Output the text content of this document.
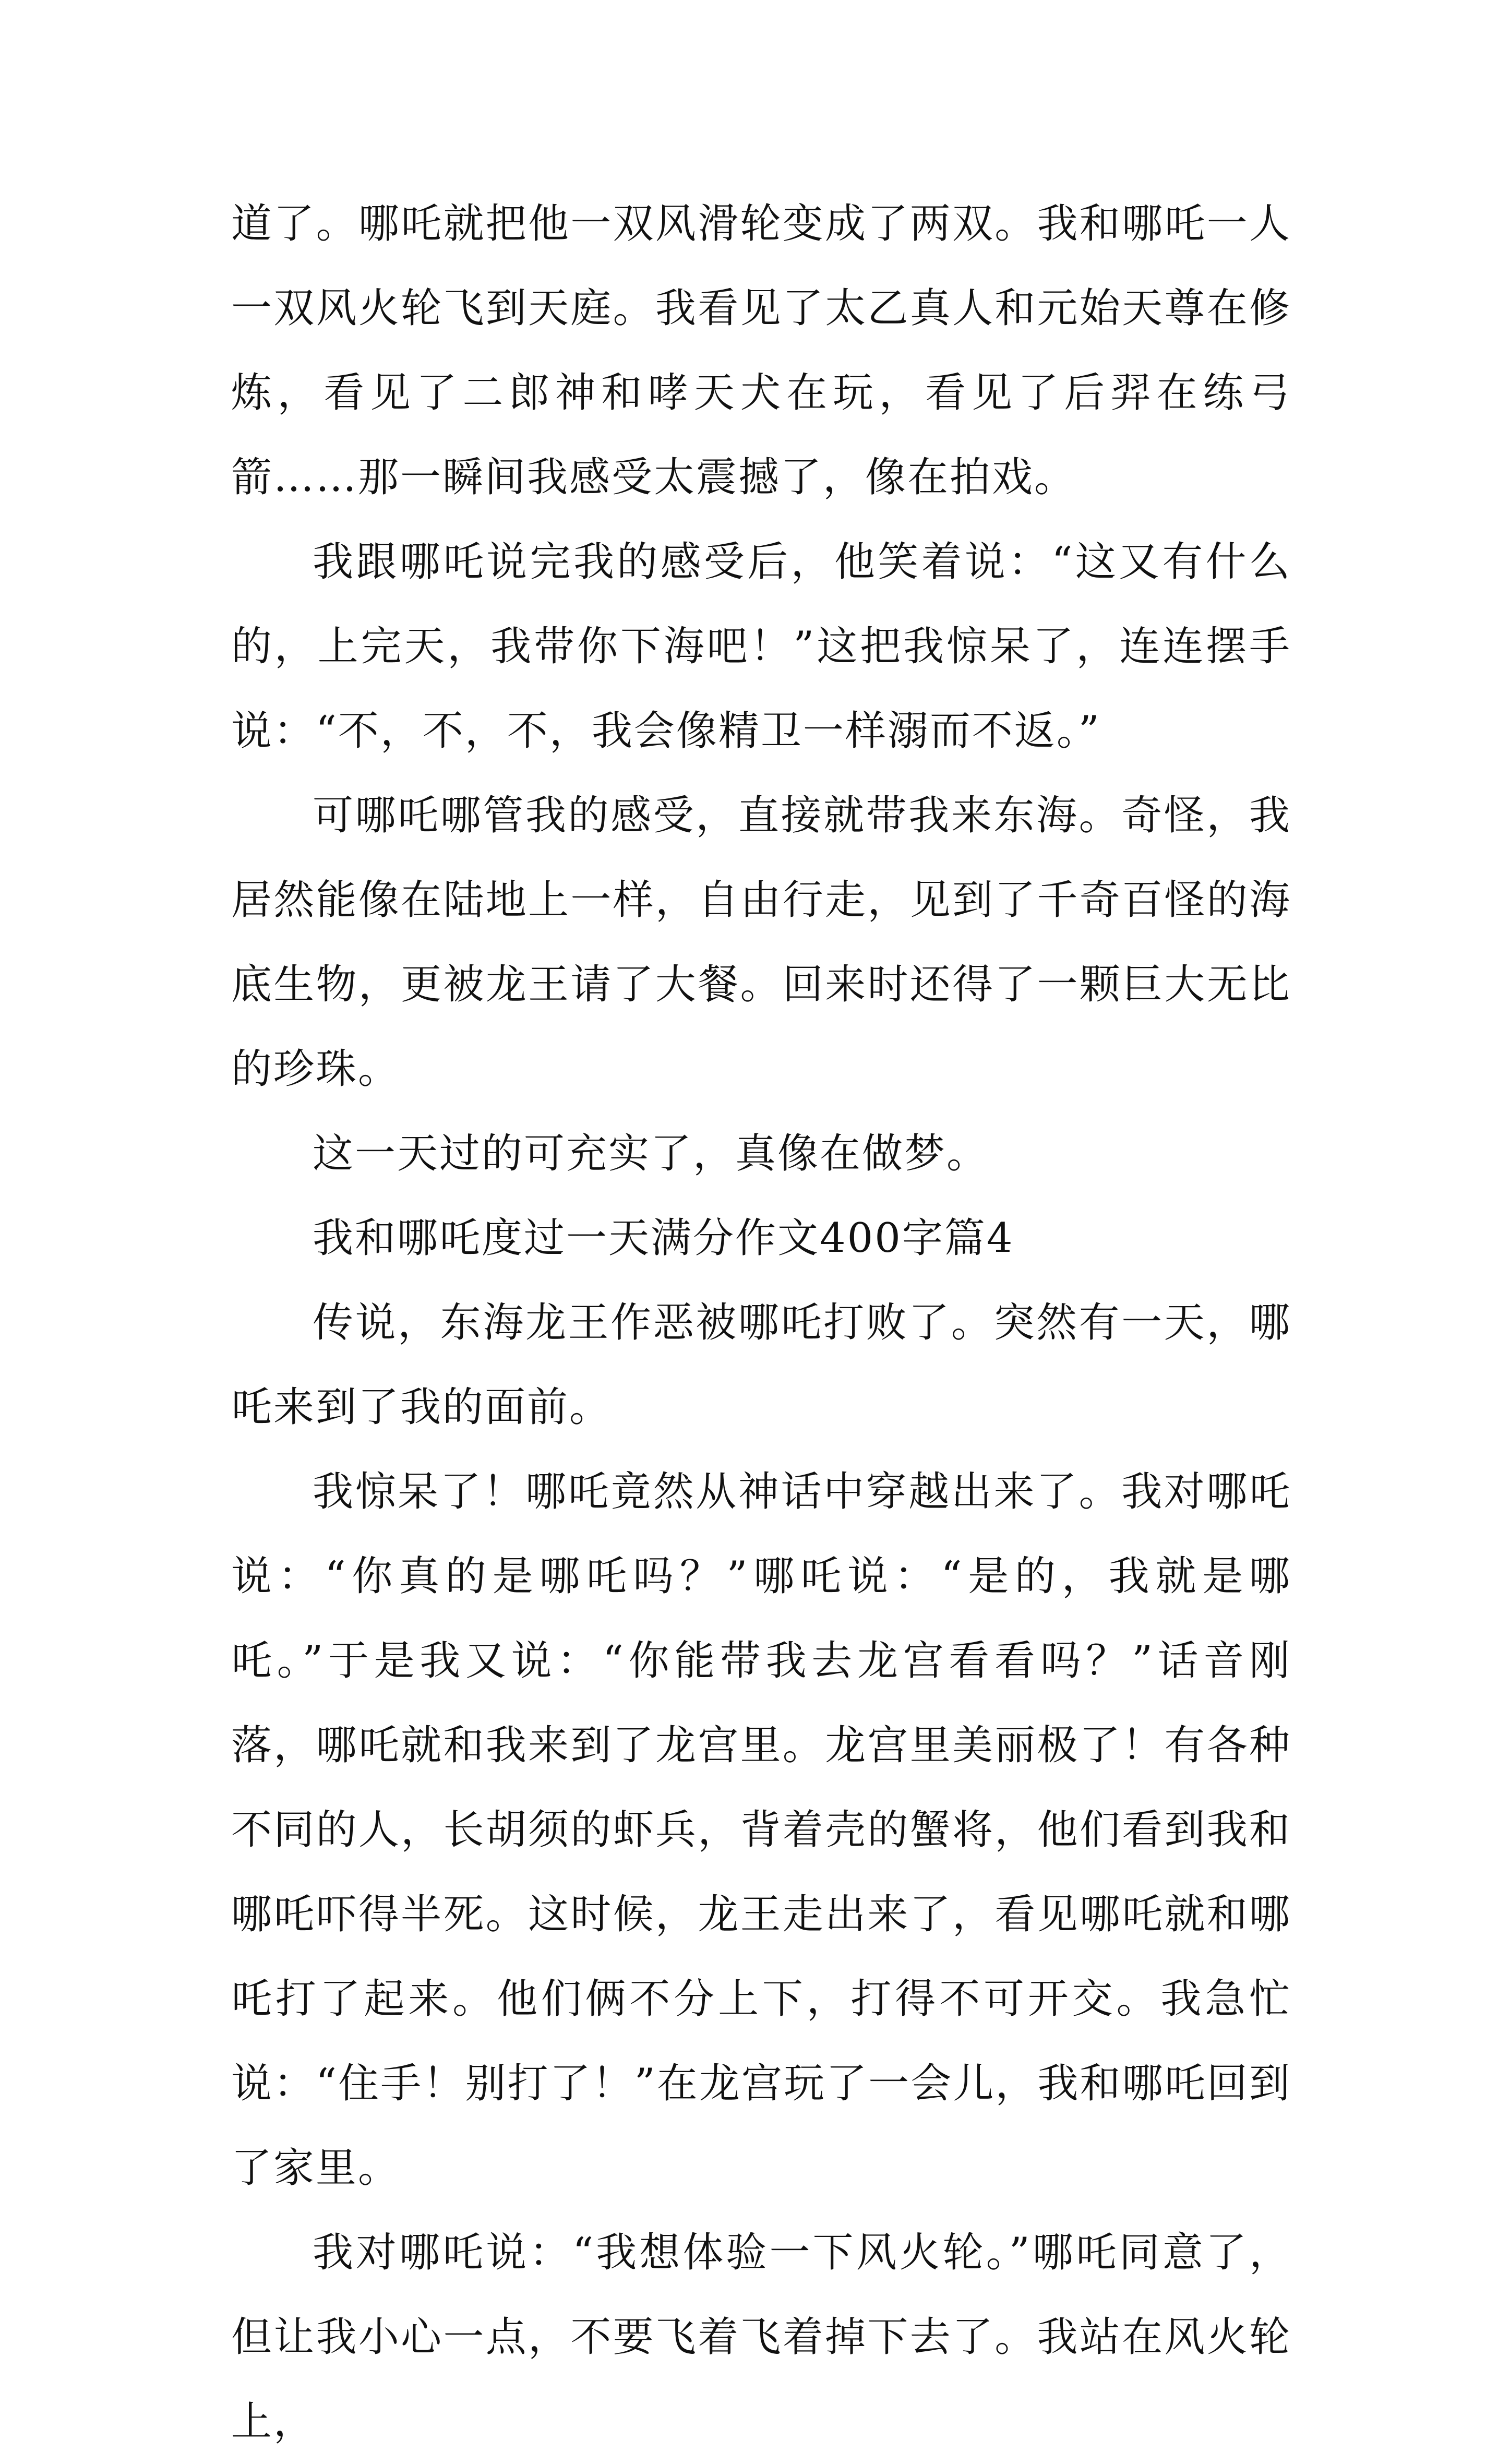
道了。哪吒就把他一双风滑轮变成了两双。我和哪吒一人一双风火轮飞到天庭。我看见了太乙真人和元始天尊在修炼，看见了二郎神和哮天犬在玩，看见了后羿在练弓箭……那一瞬间我感受太震撼了，像在拍戏。

我跟哪吒说完我的感受后，他笑着说：“这又有什么的，上完天，我带你下海吧！”这把我惊呆了，连连摆手说：“不，不，不，我会像精卫一样溺而不返。”

可哪吒哪管我的感受，直接就带我来东海。奇怪，我居然能像在陆地上一样，自由行走，见到了千奇百怪的海底生物，更被龙王请了大餐。回来时还得了一颗巨大无比的珍珠。

这一天过的可充实了，真像在做梦。

我和哪吒度过一天满分作文400字篇4

传说，东海龙王作恶被哪吒打败了。突然有一天，哪吒来到了我的面前。

我惊呆了！哪吒竟然从神话中穿越出来了。我对哪吒说：“你真的是哪吒吗？”哪吒说：“是的，我就是哪吒。”于是我又说：“你能带我去龙宫看看吗？”话音刚落，哪吒就和我来到了龙宫里。龙宫里美丽极了！有各种不同的人，长胡须的虾兵，背着壳的蟹将，他们看到我和哪吒吓得半死。这时候，龙王走出来了，看见哪吒就和哪吒打了起来。他们俩不分上下，打得不可开交。我急忙说：“住手！别打了！”在龙宫玩了一会儿，我和哪吒回到了家里。

我对哪吒说：“我想体验一下风火轮。”哪吒同意了，但让我小心一点，不要飞着飞着掉下去了。我站在风火轮上，
